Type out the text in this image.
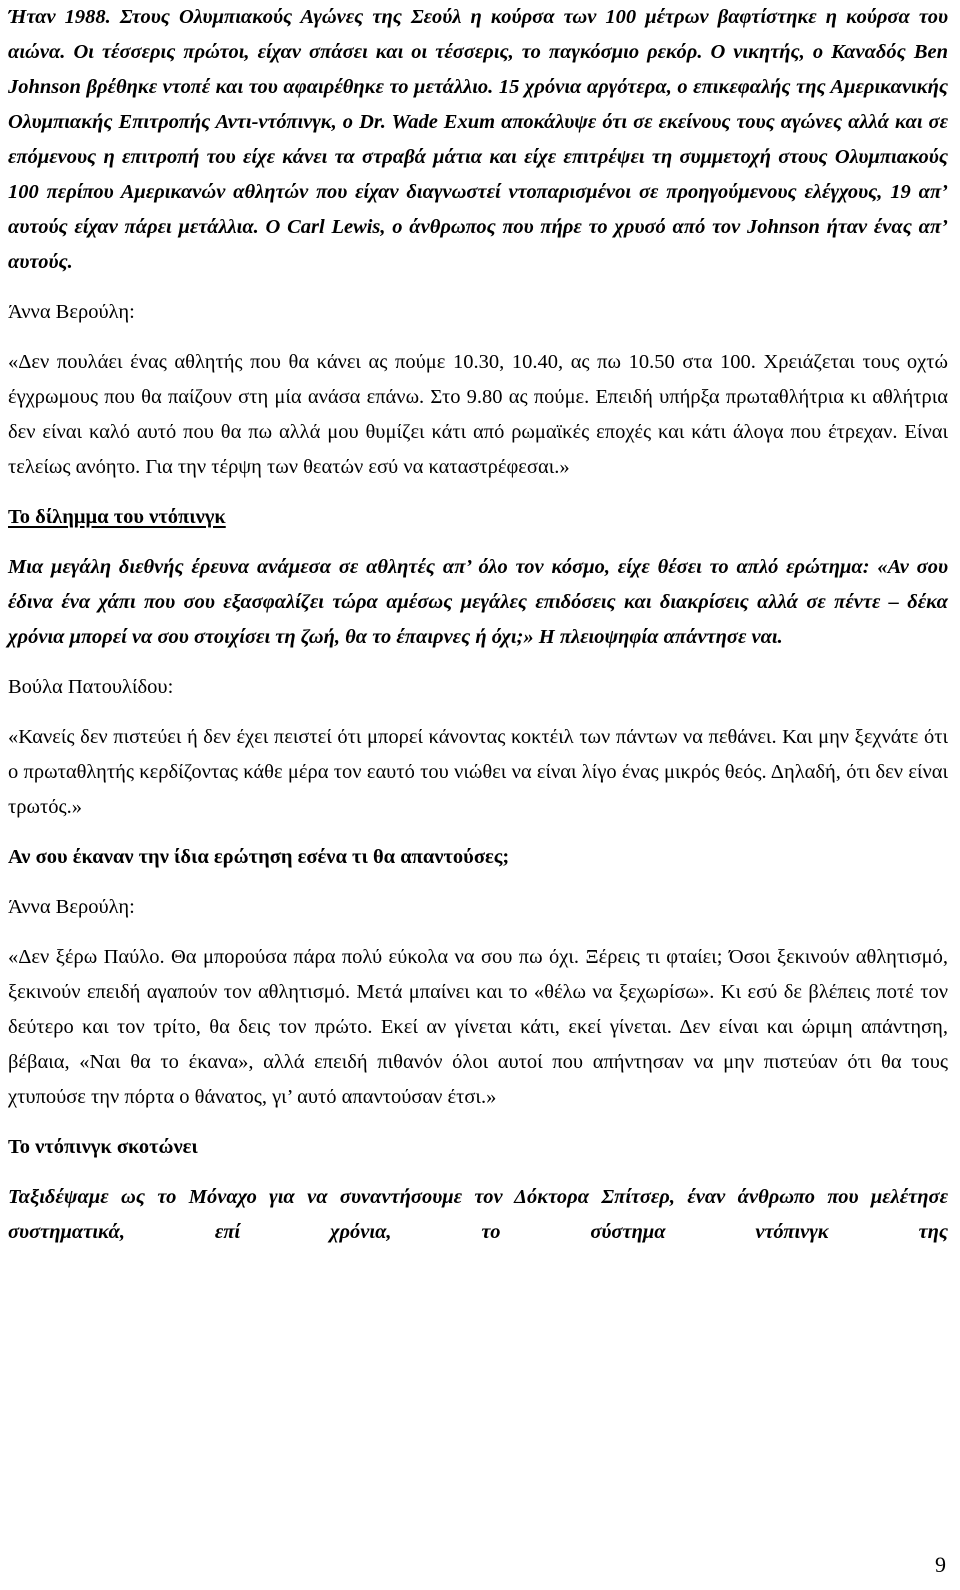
Ήταν 1988. Στους Ολυμπιακούς Αγώνες της Σεούλ η κούρσα των 100 μέτρων βαφτίστηκε η κούρσα του αιώνα. Οι τέσσερις πρώτοι, είχαν σπάσει και οι τέσσερις, το παγκόσμιο ρεκόρ. Ο νικητής, ο Καναδός Ben Johnson βρέθηκε ντοπέ και του αφαιρέθηκε το μετάλλιο. 15 χρόνια αργότερα, ο επικεφαλής της Αμερικανικής Ολυμπιακής Επιτροπής Αντι-ντόπινγκ, ο Dr. Wade Exum αποκάλυψε ότι σε εκείνους τους αγώνες αλλά και σε επόμενους η επιτροπή του είχε κάνει τα στραβά μάτια και είχε επιτρέψει τη συμμετοχή στους Ολυμπιακούς 100 περίπου Αμερικανών αθλητών που είχαν διαγνωστεί ντοπαρισμένοι σε προηγούμενους ελέγχους, 19 απ’ αυτούς είχαν πάρει μετάλλια. Ο Carl Lewis, ο άνθρωπος που πήρε το χρυσό από τον Johnson ήταν ένας απ’ αυτούς.

Άννα Βερούλη:

«Δεν πουλάει ένας αθλητής που θα κάνει ας πούμε 10.30, 10.40, ας πω 10.50 στα 100. Χρειάζεται τους οχτώ έγχρωμους που θα παίζουν στη μία ανάσα επάνω. Στο 9.80 ας πούμε. Επειδή υπήρξα πρωταθλήτρια κι αθλήτρια δεν είναι καλό αυτό που θα πω αλλά μου θυμίζει κάτι από ρωμαϊκές εποχές και κάτι άλογα που έτρεχαν. Είναι τελείως ανόητο. Για την τέρψη των θεατών εσύ να καταστρέφεσαι.»

Το δίλημμα του ντόπινγκ

Μια μεγάλη διεθνής έρευνα ανάμεσα σε αθλητές απ’ όλο τον κόσμο, είχε θέσει το απλό ερώτημα: «Αν σου έδινα ένα χάπι που σου εξασφαλίζει τώρα αμέσως μεγάλες επιδόσεις και διακρίσεις αλλά σε πέντε – δέκα χρόνια μπορεί να σου στοιχίσει τη ζωή, θα το έπαιρνες ή όχι;» Η πλειοψηφία απάντησε ναι.

Βούλα Πατουλίδου:

«Κανείς δεν πιστεύει ή δεν έχει πειστεί ότι μπορεί κάνοντας κοκτέιλ των πάντων να πεθάνει. Και μην ξεχνάτε ότι ο πρωταθλητής κερδίζοντας κάθε μέρα τον εαυτό του νιώθει να είναι λίγο ένας μικρός θεός. Δηλαδή, ότι δεν είναι τρωτός.»

Αν σου έκαναν την ίδια ερώτηση εσένα τι θα απαντούσες;

Άννα Βερούλη:

«Δεν ξέρω Παύλο. Θα μπορούσα πάρα πολύ εύκολα να σου πω όχι. Ξέρεις τι φταίει; Όσοι ξεκινούν αθλητισμό, ξεκινούν επειδή αγαπούν τον αθλητισμό. Μετά μπαίνει και το «θέλω να ξεχωρίσω». Κι εσύ δε βλέπεις ποτέ τον δεύτερο και τον τρίτο, θα δεις τον πρώτο. Εκεί αν γίνεται κάτι, εκεί γίνεται. Δεν είναι και ώριμη απάντηση, βέβαια, «Ναι θα το έκανα», αλλά επειδή πιθανόν όλοι αυτοί που απήντησαν να μην πιστεύαν ότι θα τους χτυπούσε την πόρτα ο θάνατος, γι’ αυτό απαντούσαν έτσι.»

Το ντόπινγκ σκοτώνει

Ταξιδέψαμε ως το Μόναχο για να συναντήσουμε τον Δόκτορα Σπίτσερ, έναν άνθρωπο που μελέτησε συστηματικά, επί χρόνια, το σύστημα ντόπινγκ της

9
